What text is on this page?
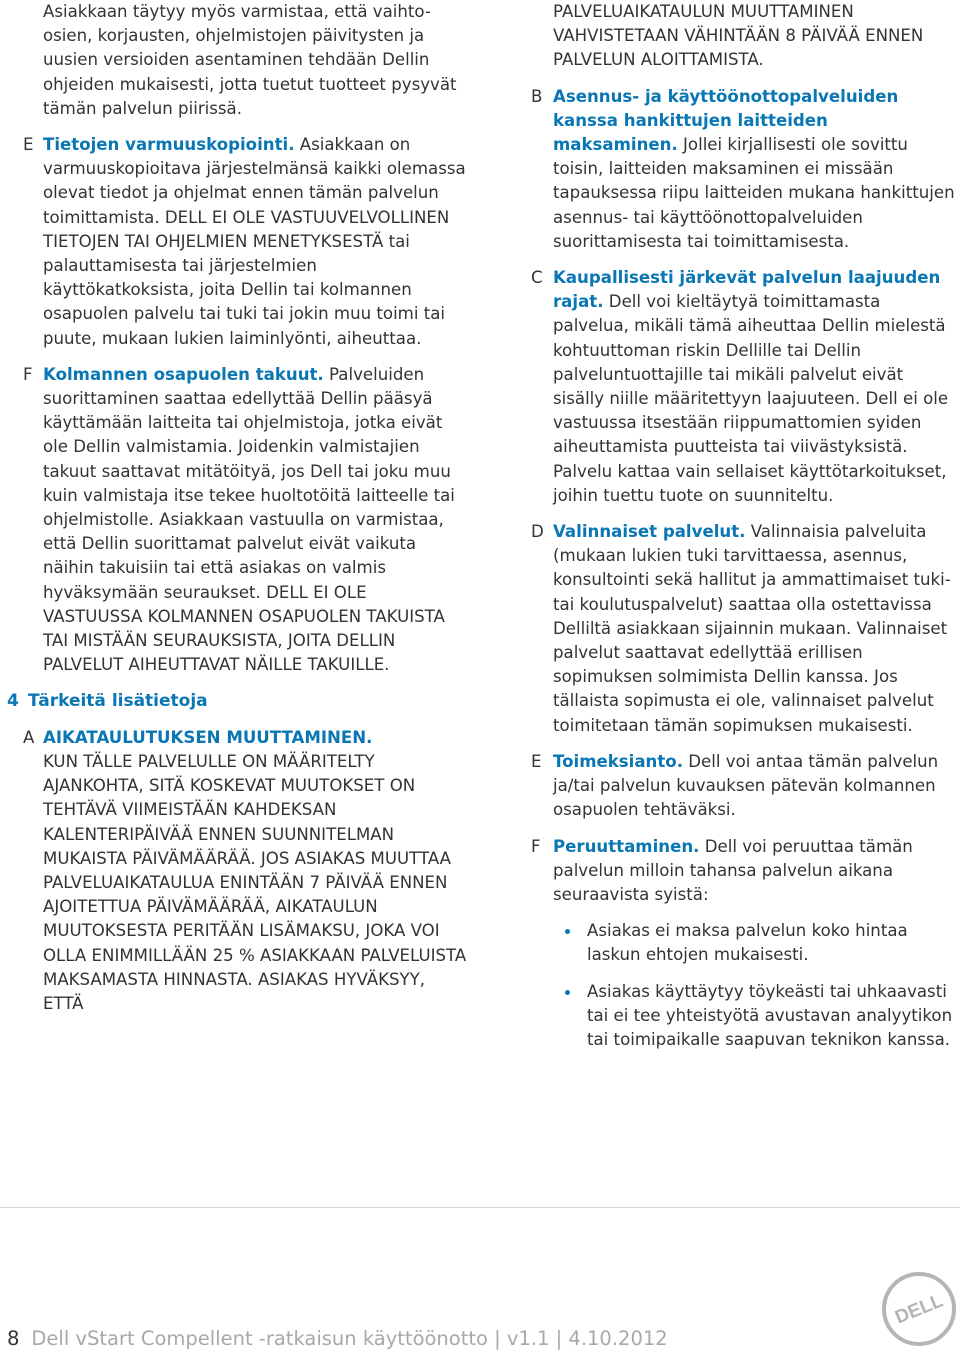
Asiakkaan täytyy myös varmistaa, että vaihto-osien, korjausten, ohjelmistojen päivitysten ja uusien versioiden asentaminen tehdään Dellin ohjeiden mukaisesti, jotta tuetut tuotteet pysyvät tämän palvelun piirissä.
E Tietojen varmuuskopiointi. Asiakkaan on varmuuskopioitava järjestelmänsä kaikki olemassa olevat tiedot ja ohjelmat ennen tämän palvelun toimittamista. DELL EI OLE VASTUUVELVOLLINEN TIETOJEN TAI OHJELMIEN MENETYKSESTÄ tai palauttamisesta tai järjestelmien käyttökatkoksista, joita Dellin tai kolmannen osapuolen palvelu tai tuki tai jokin muu toimi tai puute, mukaan lukien laiminlyönti, aiheuttaa.
F Kolmannen osapuolen takuut. Palveluiden suorittaminen saattaa edellyttää Dellin pääsyä käyttämään laitteita tai ohjelmistoja, jotka eivät ole Dellin valmistamia. Joidenkin valmistajien takuut saattavat mitätöityä, jos Dell tai joku muu kuin valmistaja itse tekee huoltotöitä laitteelle tai ohjelmistolle. Asiakkaan vastuulla on varmistaa, että Dellin suorittamat palvelut eivät vaikuta näihin takuisiin tai että asiakas on valmis hyväksymään seuraukset. DELL EI OLE VASTUUSSA KOLMANNEN OSAPUOLEN TAKUISTA TAI MISTÄÄN SEURAUKSISTA, JOITA DELLIN PALVELUT AIHEUTTAVAT NÄILLE TAKUILLE.
4 Tärkeitä lisätietoja
A AIKATAULUTUKSEN MUUTTAMINEN.
KUN TÄLLE PALVELULLE ON MÄÄRITELTY AJANKOHTA, SITÄ KOSKEVAT MUUTOKSET ON TEHTÄVÄ VIIMEISTÄÄN KAHDEKSAN KALENTERIPÄIVÄÄ ENNEN SUUNNITELMAN MUKAISTA PÄIVÄMÄÄRÄÄ. JOS ASIAKAS MUUTTAA PALVELUAIKATAULUA ENINTÄÄN 7 PÄIVÄÄ ENNEN AJOITETTUA PÄIVÄMÄÄRÄÄ, AIKATAULUN MUUTOKSESTA PERITÄÄN LISÄMAKSU, JOKA VOI OLLA ENIMMILLÄÄN 25 % ASIAKKAAN PALVELUISTA MAKSAMASTA HINNASTA. ASIAKAS HYVÄKSYY, ETTÄ
PALVELUAIKATAULUN MUUTTAMINEN VAHVISTETAAN VÄHINTÄÄN 8 PÄIVÄÄ ENNEN PALVELUN ALOITTAMISTA.
B Asennus- ja käyttöönottopalveluiden kanssa hankittujen laitteiden maksaminen. Jollei kirjallisesti ole sovittu toisin, laitteiden maksaminen ei missään tapauksessa riipu laitteiden mukana hankittujen asennus- tai käyttöönottopalveluiden suorittamisesta tai toimittamisesta.
C Kaupallisesti järkevät palvelun laajuuden rajat. Dell voi kieltäytyä toimittamasta palvelua, mikäli tämä aiheuttaa Dellin mielestä kohtuuttoman riskin Dellille tai Dellin palveluntuottajille tai mikäli palvelut eivät sisälly niille määritettyyn laajuuteen. Dell ei ole vastuussa itsestään riippumattomien syiden aiheuttamista puutteista tai viivästyksistä. Palvelu kattaa vain sellaiset käyttötarkoitukset, joihin tuettu tuote on suunniteltu.
D Valinnaiset palvelut. Valinnaisia palveluita (mukaan lukien tuki tarvittaessa, asennus, konsultointi sekä hallitut ja ammattimaiset tuki- tai koulutuspalvelut) saattaa olla ostettavissa Delliltä asiakkaan sijainnin mukaan. Valinnaiset palvelut saattavat edellyttää erillisen sopimuksen solmimista Dellin kanssa. Jos tällaista sopimusta ei ole, valinnaiset palvelut toimitetaan tämän sopimuksen mukaisesti.
E Toimeksianto. Dell voi antaa tämän palvelun ja/tai palvelun kuvauksen pätevän kolmannen osapuolen tehtäväksi.
F Peruuttaminen. Dell voi peruuttaa tämän palvelun milloin tahansa palvelun aikana seuraavista syistä:
Asiakas ei maksa palvelun koko hintaa laskun ehtojen mukaisesti.
Asiakas käyttäytyy töykeästi tai uhkaavasti tai ei tee yhteistyötä avustavan analyytikon tai toimipaikalle saapuvan teknikon kanssa.
8 Dell vStart Compellent -ratkaisun käyttöönotto | v1.1 | 4.10.2012
DELL
